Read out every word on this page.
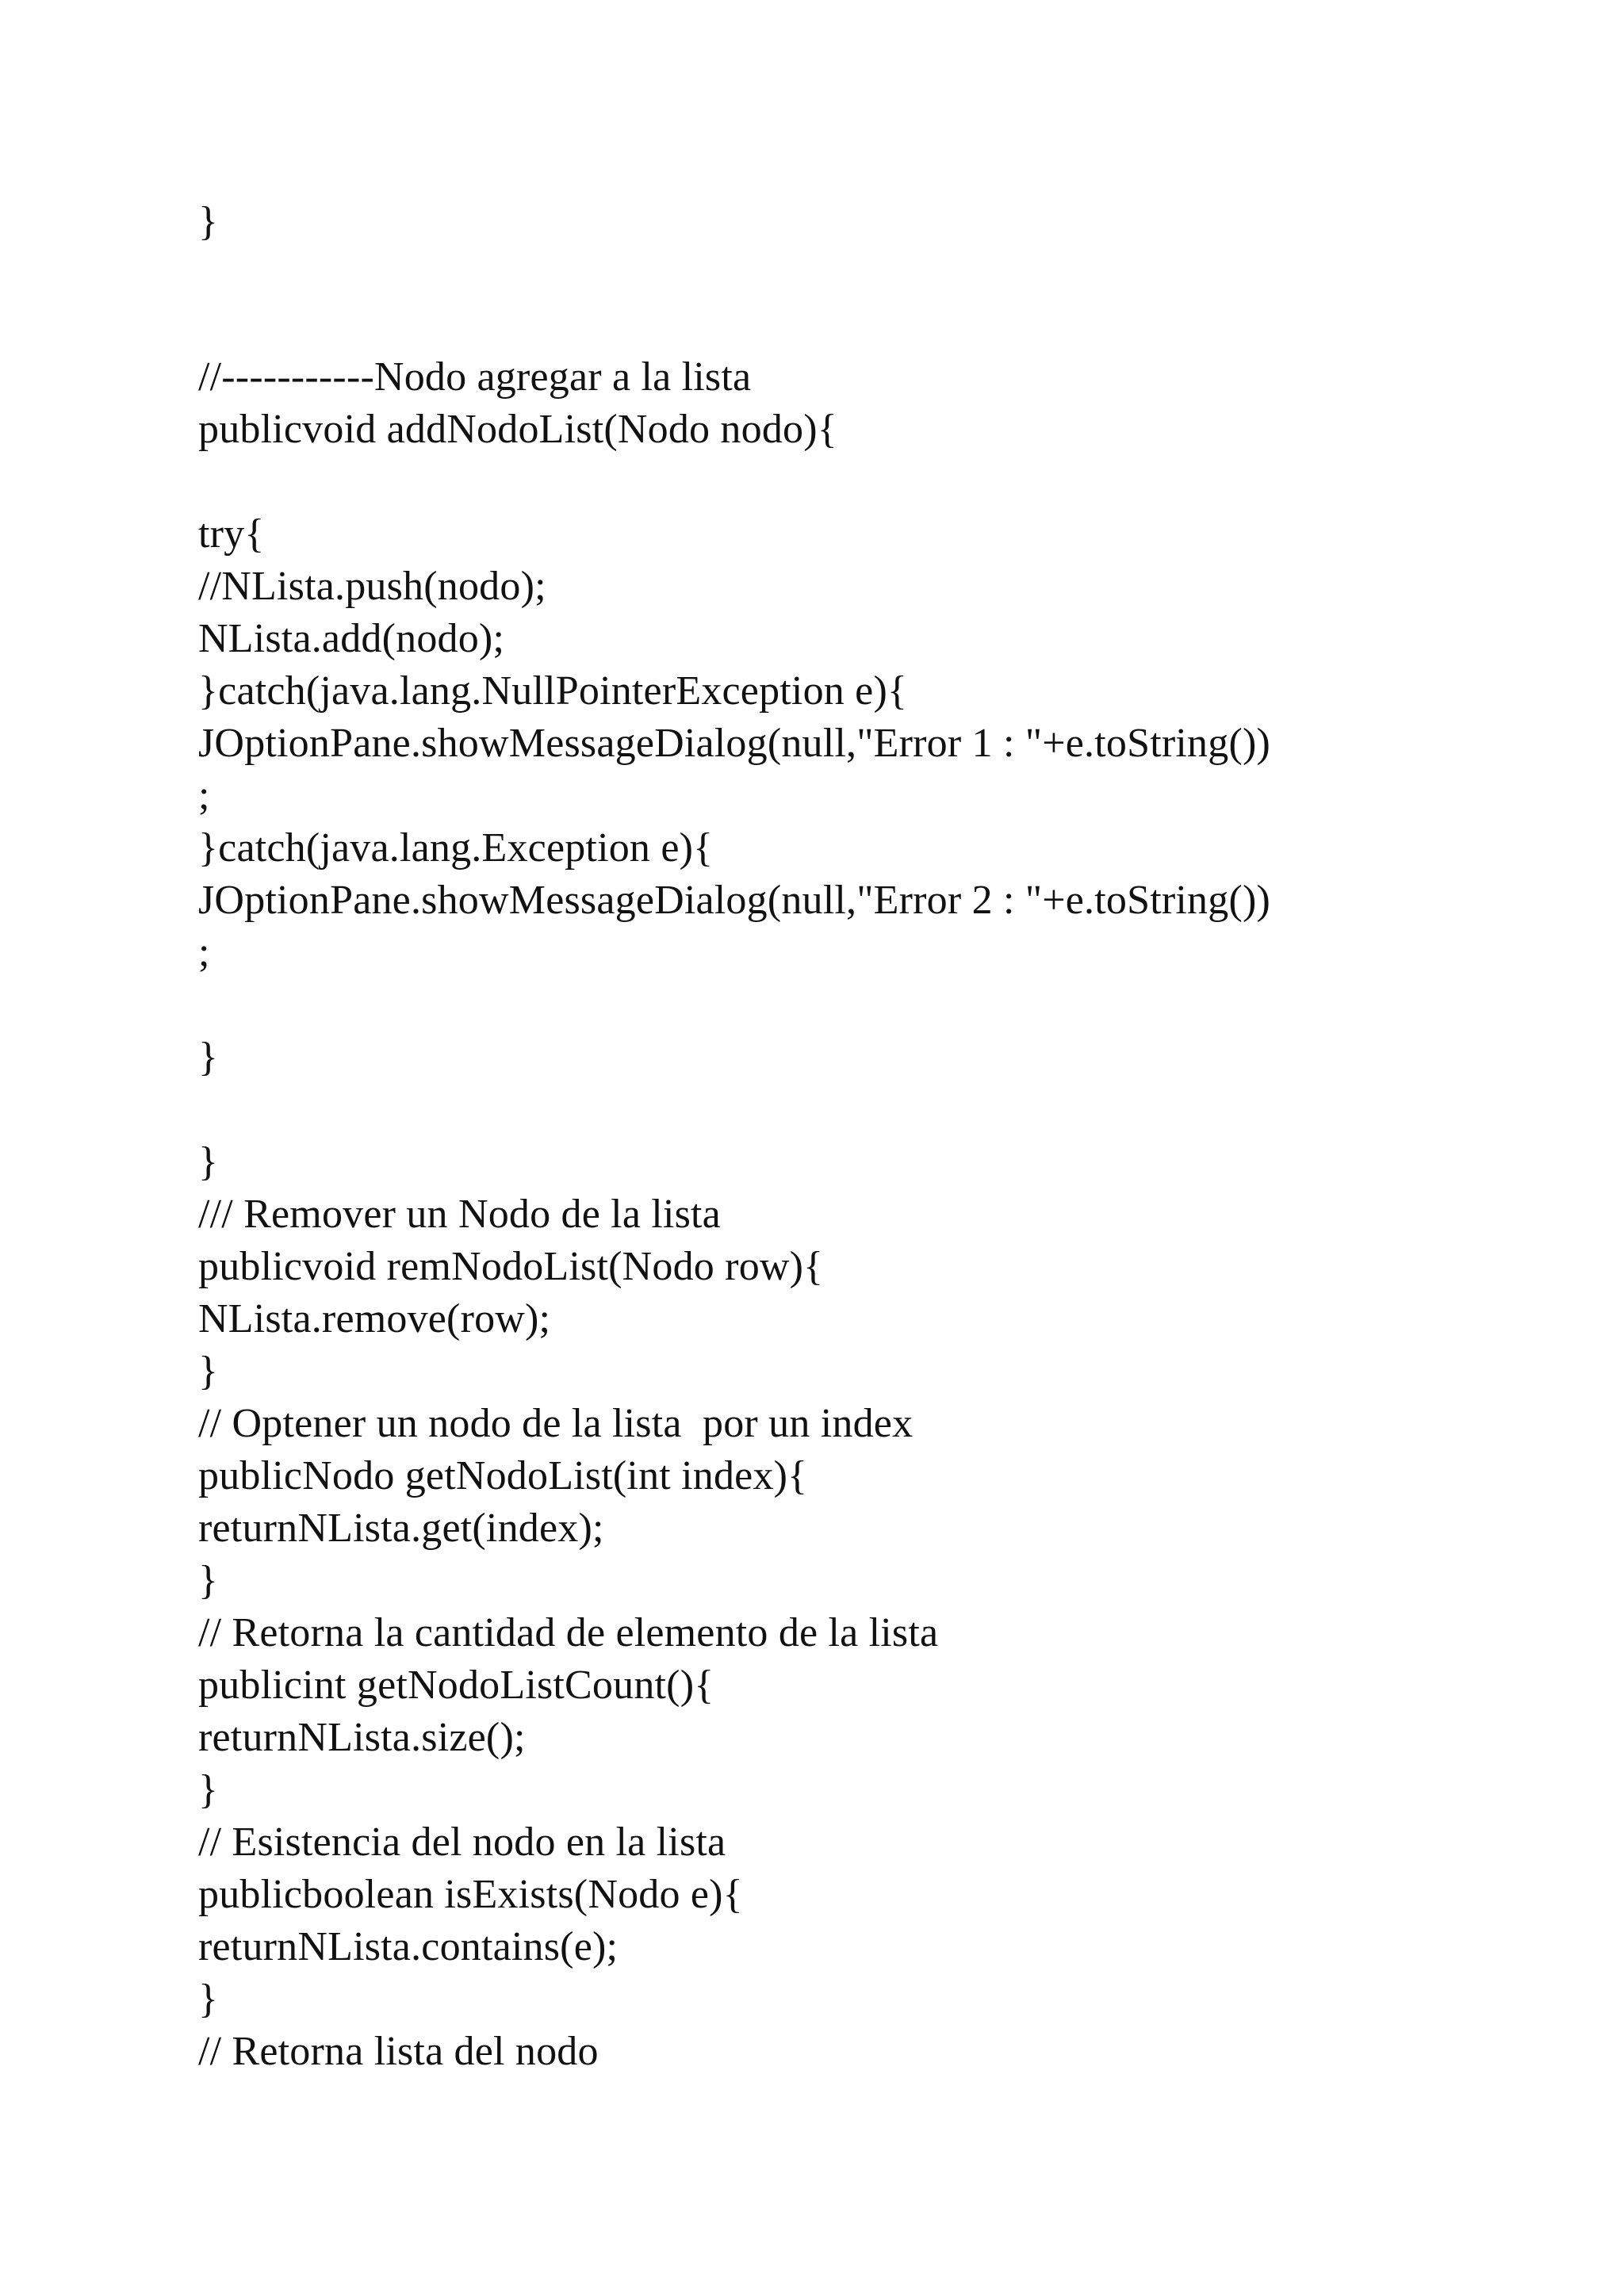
}
//-----------Nodo agregar a la lista
publicvoid addNodoList(Nodo nodo){
try{
//NLista.push(nodo);
NLista.add(nodo);
}catch(java.lang.NullPointerException e){
JOptionPane.showMessageDialog(null,"Error 1 : "+e.toString())
;
}catch(java.lang.Exception e){
JOptionPane.showMessageDialog(null,"Error 2 : "+e.toString())
;
}
}
/// Remover un Nodo de la lista
publicvoid remNodoList(Nodo row){
NLista.remove(row);
}
// Optener un nodo de la lista  por un index
publicNodo getNodoList(int index){
returnNLista.get(index);
}
// Retorna la cantidad de elemento de la lista
publicint getNodoListCount(){
returnNLista.size();
}
// Esistencia del nodo en la lista
publicboolean isExists(Nodo e){
returnNLista.contains(e);
}
// Retorna lista del nodo
